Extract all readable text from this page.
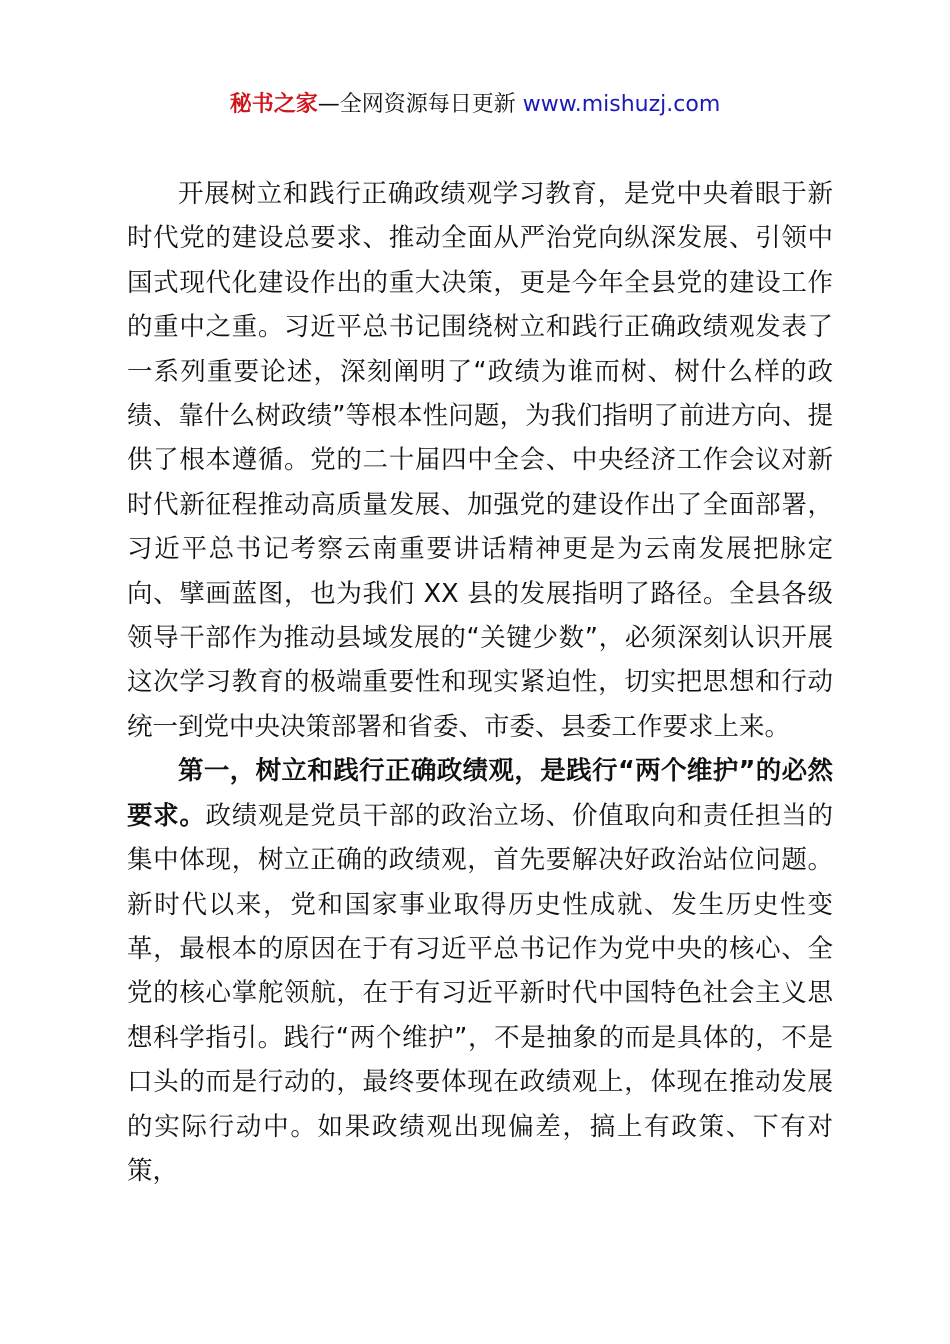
秘书之家—全网资源每日更新 www.mishuzj.com

开展树立和践行正确政绩观学习教育，是党中央着眼于新时代党的建设总要求、推动全面从严治党向纵深发展、引领中国式现代化建设作出的重大决策，更是今年全县党的建设工作的重中之重。习近平总书记围绕树立和践行正确政绩观发表了一系列重要论述，深刻阐明了“政绩为谁而树、树什么样的政绩、靠什么树政绩”等根本性问题，为我们指明了前进方向、提供了根本遵循。党的二十届四中全会、中央经济工作会议对新时代新征程推动高质量发展、加强党的建设作出了全面部署，习近平总书记考察云南重要讲话精神更是为云南发展把脉定向、擘画蓝图，也为我们 XX 县的发展指明了路径。全县各级领导干部作为推动县域发展的“关键少数”，必须深刻认识开展这次学习教育的极端重要性和现实紧迫性，切实把思想和行动统一到党中央决策部署和省委、市委、县委工作要求上来。

第一，树立和践行正确政绩观，是践行“两个维护”的必然要求。政绩观是党员干部的政治立场、价值取向和责任担当的集中体现，树立正确的政绩观，首先要解决好政治站位问题。新时代以来，党和国家事业取得历史性成就、发生历史性变革，最根本的原因在于有习近平总书记作为党中央的核心、全党的核心掌舵领航，在于有习近平新时代中国特色社会主义思想科学指引。践行“两个维护”，不是抽象的而是具体的，不是口头的而是行动的，最终要体现在政绩观上，体现在推动发展的实际行动中。如果政绩观出现偏差，搞上有政策、下有对策，
